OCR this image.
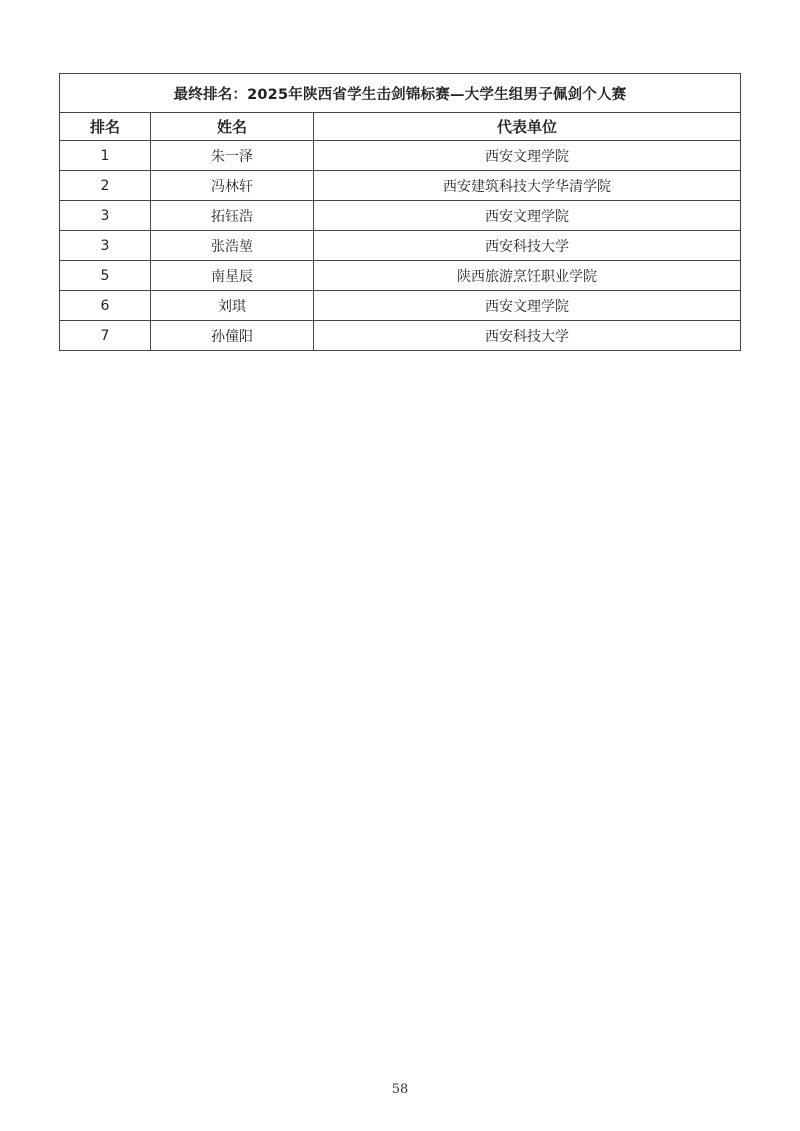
最终排名：2025年陕西省学生击剑锦标赛—大学生组男子佩剑个人赛		
排名	姓名	代表单位
1	朱一泽	西安文理学院
2	冯林轩	西安建筑科技大学华清学院
3	拓钰浩	西安文理学院
3	张浩堃	西安科技大学
5	南星辰	陕西旅游烹饪职业学院
6	刘琪	西安文理学院
7	孙僮阳	西安科技大学
58
